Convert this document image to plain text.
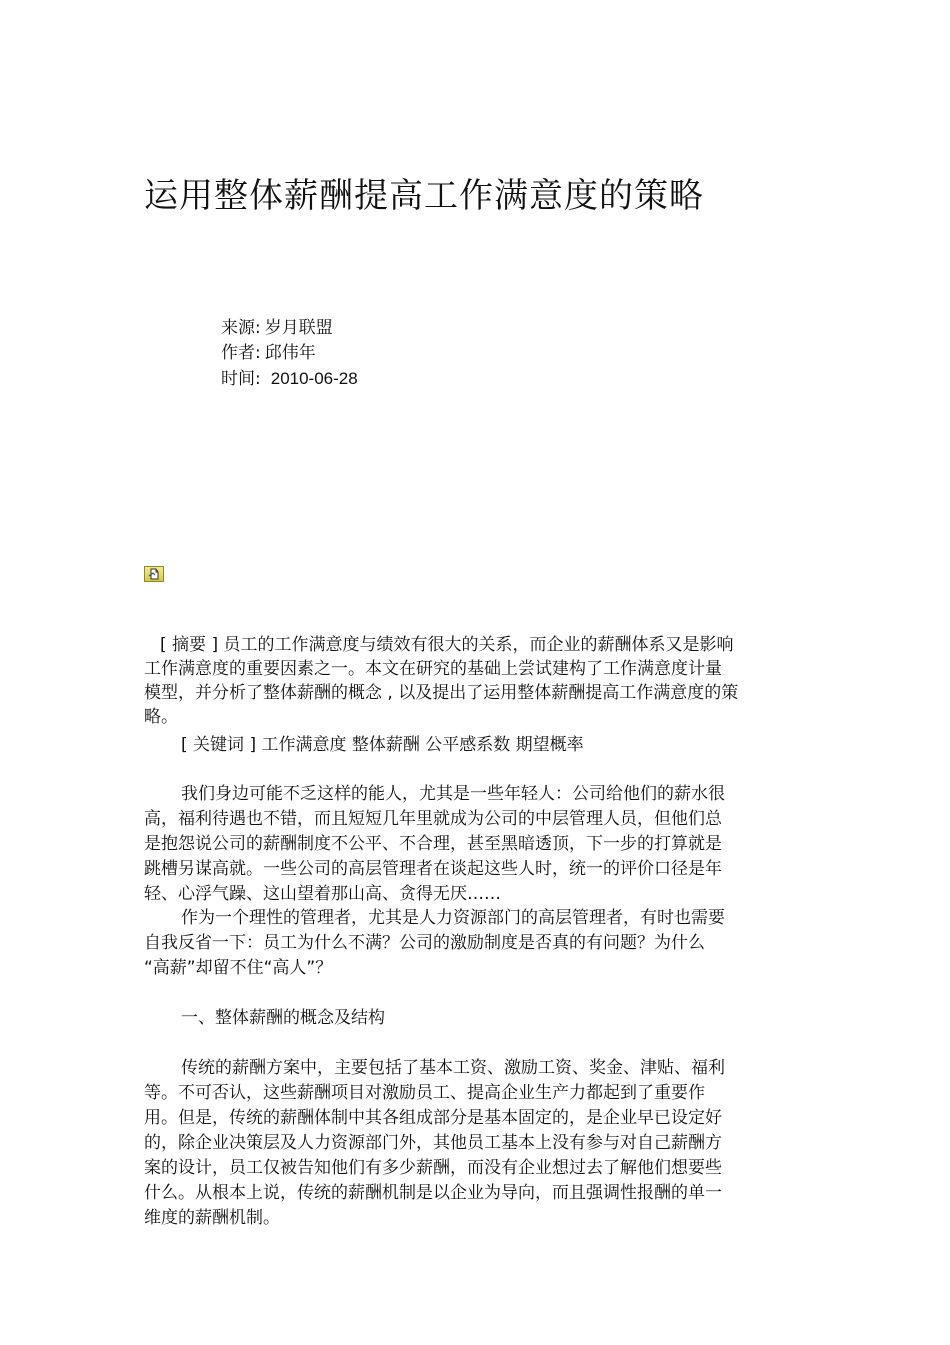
运用整体薪酬提高工作满意度的策略
来源: 岁月联盟
作者: 邱伟年
时间: 2010-06-28
[ 摘要 ] 员工的工作满意度与绩效有很大的关系，而企业的薪酬体系又是影响
工作满意度的重要因素之一。本文在研究的基础上尝试建构了工作满意度计量
模型，并分析了整体薪酬的概念 , 以及提出了运用整体薪酬提高工作满意度的策
略。
[ 关键词 ] 工作满意度 整体薪酬 公平感系数 期望概率
我们身边可能不乏这样的能人，尤其是一些年轻人：公司给他们的薪水很
高，福利待遇也不错，而且短短几年里就成为公司的中层管理人员，但他们总
是抱怨说公司的薪酬制度不公平、不合理，甚至黑暗透顶，下一步的打算就是
跳槽另谋高就。一些公司的高层管理者在谈起这些人时，统一的评价口径是年
轻、心浮气躁、这山望着那山高、贪得无厌……
作为一个理性的管理者，尤其是人力资源部门的高层管理者，有时也需要
自我反省一下：员工为什么不满？公司的激励制度是否真的有问题？为什么
“高薪”却留不住“高人”？
一、整体薪酬的概念及结构
传统的薪酬方案中，主要包括了基本工资、激励工资、奖金、津贴、福利
等。不可否认，这些薪酬项目对激励员工、提高企业生产力都起到了重要作
用。但是，传统的薪酬体制中其各组成部分是基本固定的，是企业早已设定好
的，除企业决策层及人力资源部门外，其他员工基本上没有参与对自己薪酬方
案的设计，员工仅被告知他们有多少薪酬，而没有企业想过去了解他们想要些
什么。从根本上说，传统的薪酬机制是以企业为导向，而且强调性报酬的单一
维度的薪酬机制。
